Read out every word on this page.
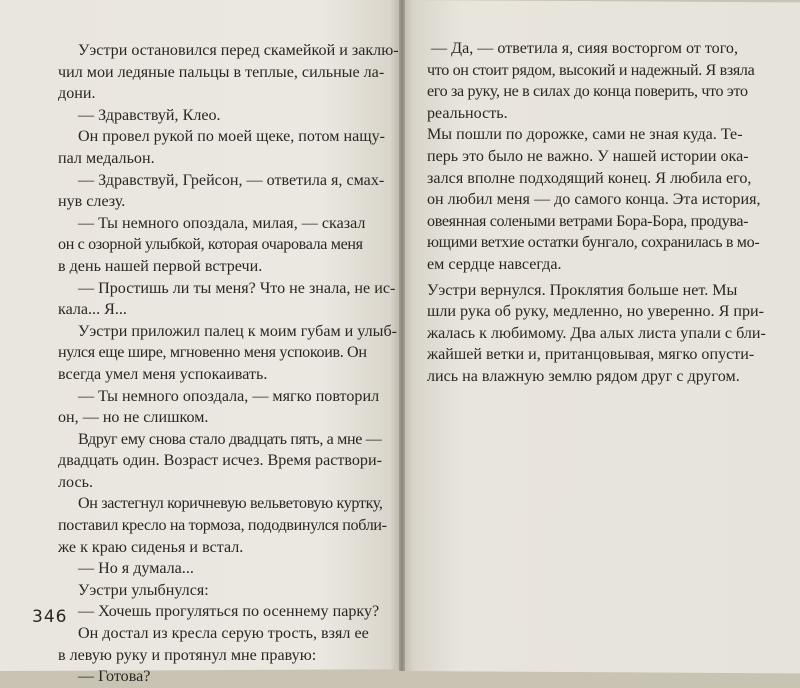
Уэстри остановился перед скамейкой и заклю-
чил мои ледяные пальцы в теплые, сильные ла-
дони.
— Здравствуй, Клео.
Он провел рукой по моей щеке, потом нащу-
пал медальон.
— Здравствуй, Грейсон, — ответила я, смах-
нув слезу.
— Ты немного опоздала, милая, — сказал
он с озорной улыбкой, которая очаровала меня
в день нашей первой встречи.
— Простишь ли ты меня? Что не знала, не ис-
кала... Я...
Уэстри приложил палец к моим губам и улыб-
нулся еще шире, мгновенно меня успокоив. Он
всегда умел меня успокаивать.
— Ты немного опоздала, — мягко повторил
он, — но не слишком.
Вдруг ему снова стало двадцать пять, а мне —
двадцать один. Возраст исчез. Время раствори-
лось.
Он застегнул коричневую вельветовую куртку,
поставил кресло на тормоза, пододвинулся побли-
же к краю сиденья и встал.
— Но я думала...
Уэстри улыбнулся:
— Хочешь прогуляться по осеннему парку?
Он достал из кресла серую трость, взял ее
в левую руку и протянул мне правую:
— Готова?
346
— Да, — ответила я, сияя восторгом от того,
что он стоит рядом, высокий и надежный. Я взяла
его за руку, не в силах до конца поверить, что это
реальность.
Мы пошли по дорожке, сами не зная куда. Те-
перь это было не важно. У нашей истории ока-
зался вполне подходящий конец. Я любила его,
он любил меня — до самого конца. Эта история,
овеянная солеными ветрами Бора-Бора, продува-
ющими ветхие остатки бунгало, сохранилась в мо-
ем сердце навсегда.
Уэстри вернулся. Проклятия больше нет. Мы
шли рука об руку, медленно, но уверенно. Я при-
жалась к любимому. Два алых листа упали с бли-
жайшей ветки и, пританцовывая, мягко опусти-
лись на влажную землю рядом друг с другом.
